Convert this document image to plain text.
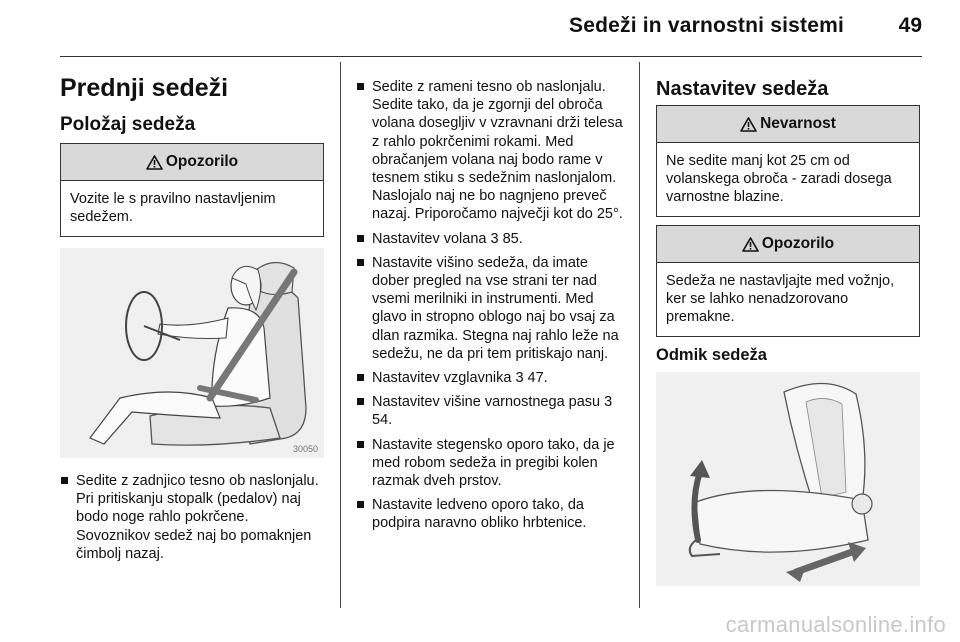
Sedeži in varnostni sistemi	49
Prednji sedeži
Položaj sedeža
Opozorilo
Vozite le s pravilno nastavljenim sedežem.
30050
Sedite z zadnjico tesno ob naslonjalu. Pri pritiskanju stopalk (pedalov) naj bodo noge rahlo pokrčene. Sovoznikov sedež naj bo pomaknjen čimbolj nazaj.
Sedite z rameni tesno ob naslonjalu. Sedite tako, da je zgornji del obroča volana dosegljiv v vzravnani drži telesa z rahlo pokrčenimi rokami. Med obračanjem volana naj bodo rame v tesnem stiku s sedežnim naslonjalom. Naslojalo naj ne bo nagnjeno preveč nazaj. Priporočamo največji kot do 25°.
Nastavitev volana 3 85.
Nastavite višino sedeža, da imate dober pregled na vse strani ter nad vsemi merilniki in instrumenti. Med glavo in stropno oblogo naj bo vsaj za dlan razmika. Stegna naj rahlo leže na sedežu, ne da pri tem pritiskajo nanj.
Nastavitev vzglavnika 3 47.
Nastavitev višine varnostnega pasu 3 54.
Nastavite stegensko oporo tako, da je med robom sedeža in pregibi kolen razmak dveh prstov.
Nastavite ledveno oporo tako, da podpira naravno obliko hrbtenice.
Nastavitev sedeža
Nevarnost
Ne sedite manj kot 25 cm od volanskega obroča - zaradi dosega varnostne blazine.
Opozorilo
Sedeža ne nastavljajte med vožnjo, ker se lahko nenadzorovano premakne.
Odmik sedeža
carmanualsonline.info
